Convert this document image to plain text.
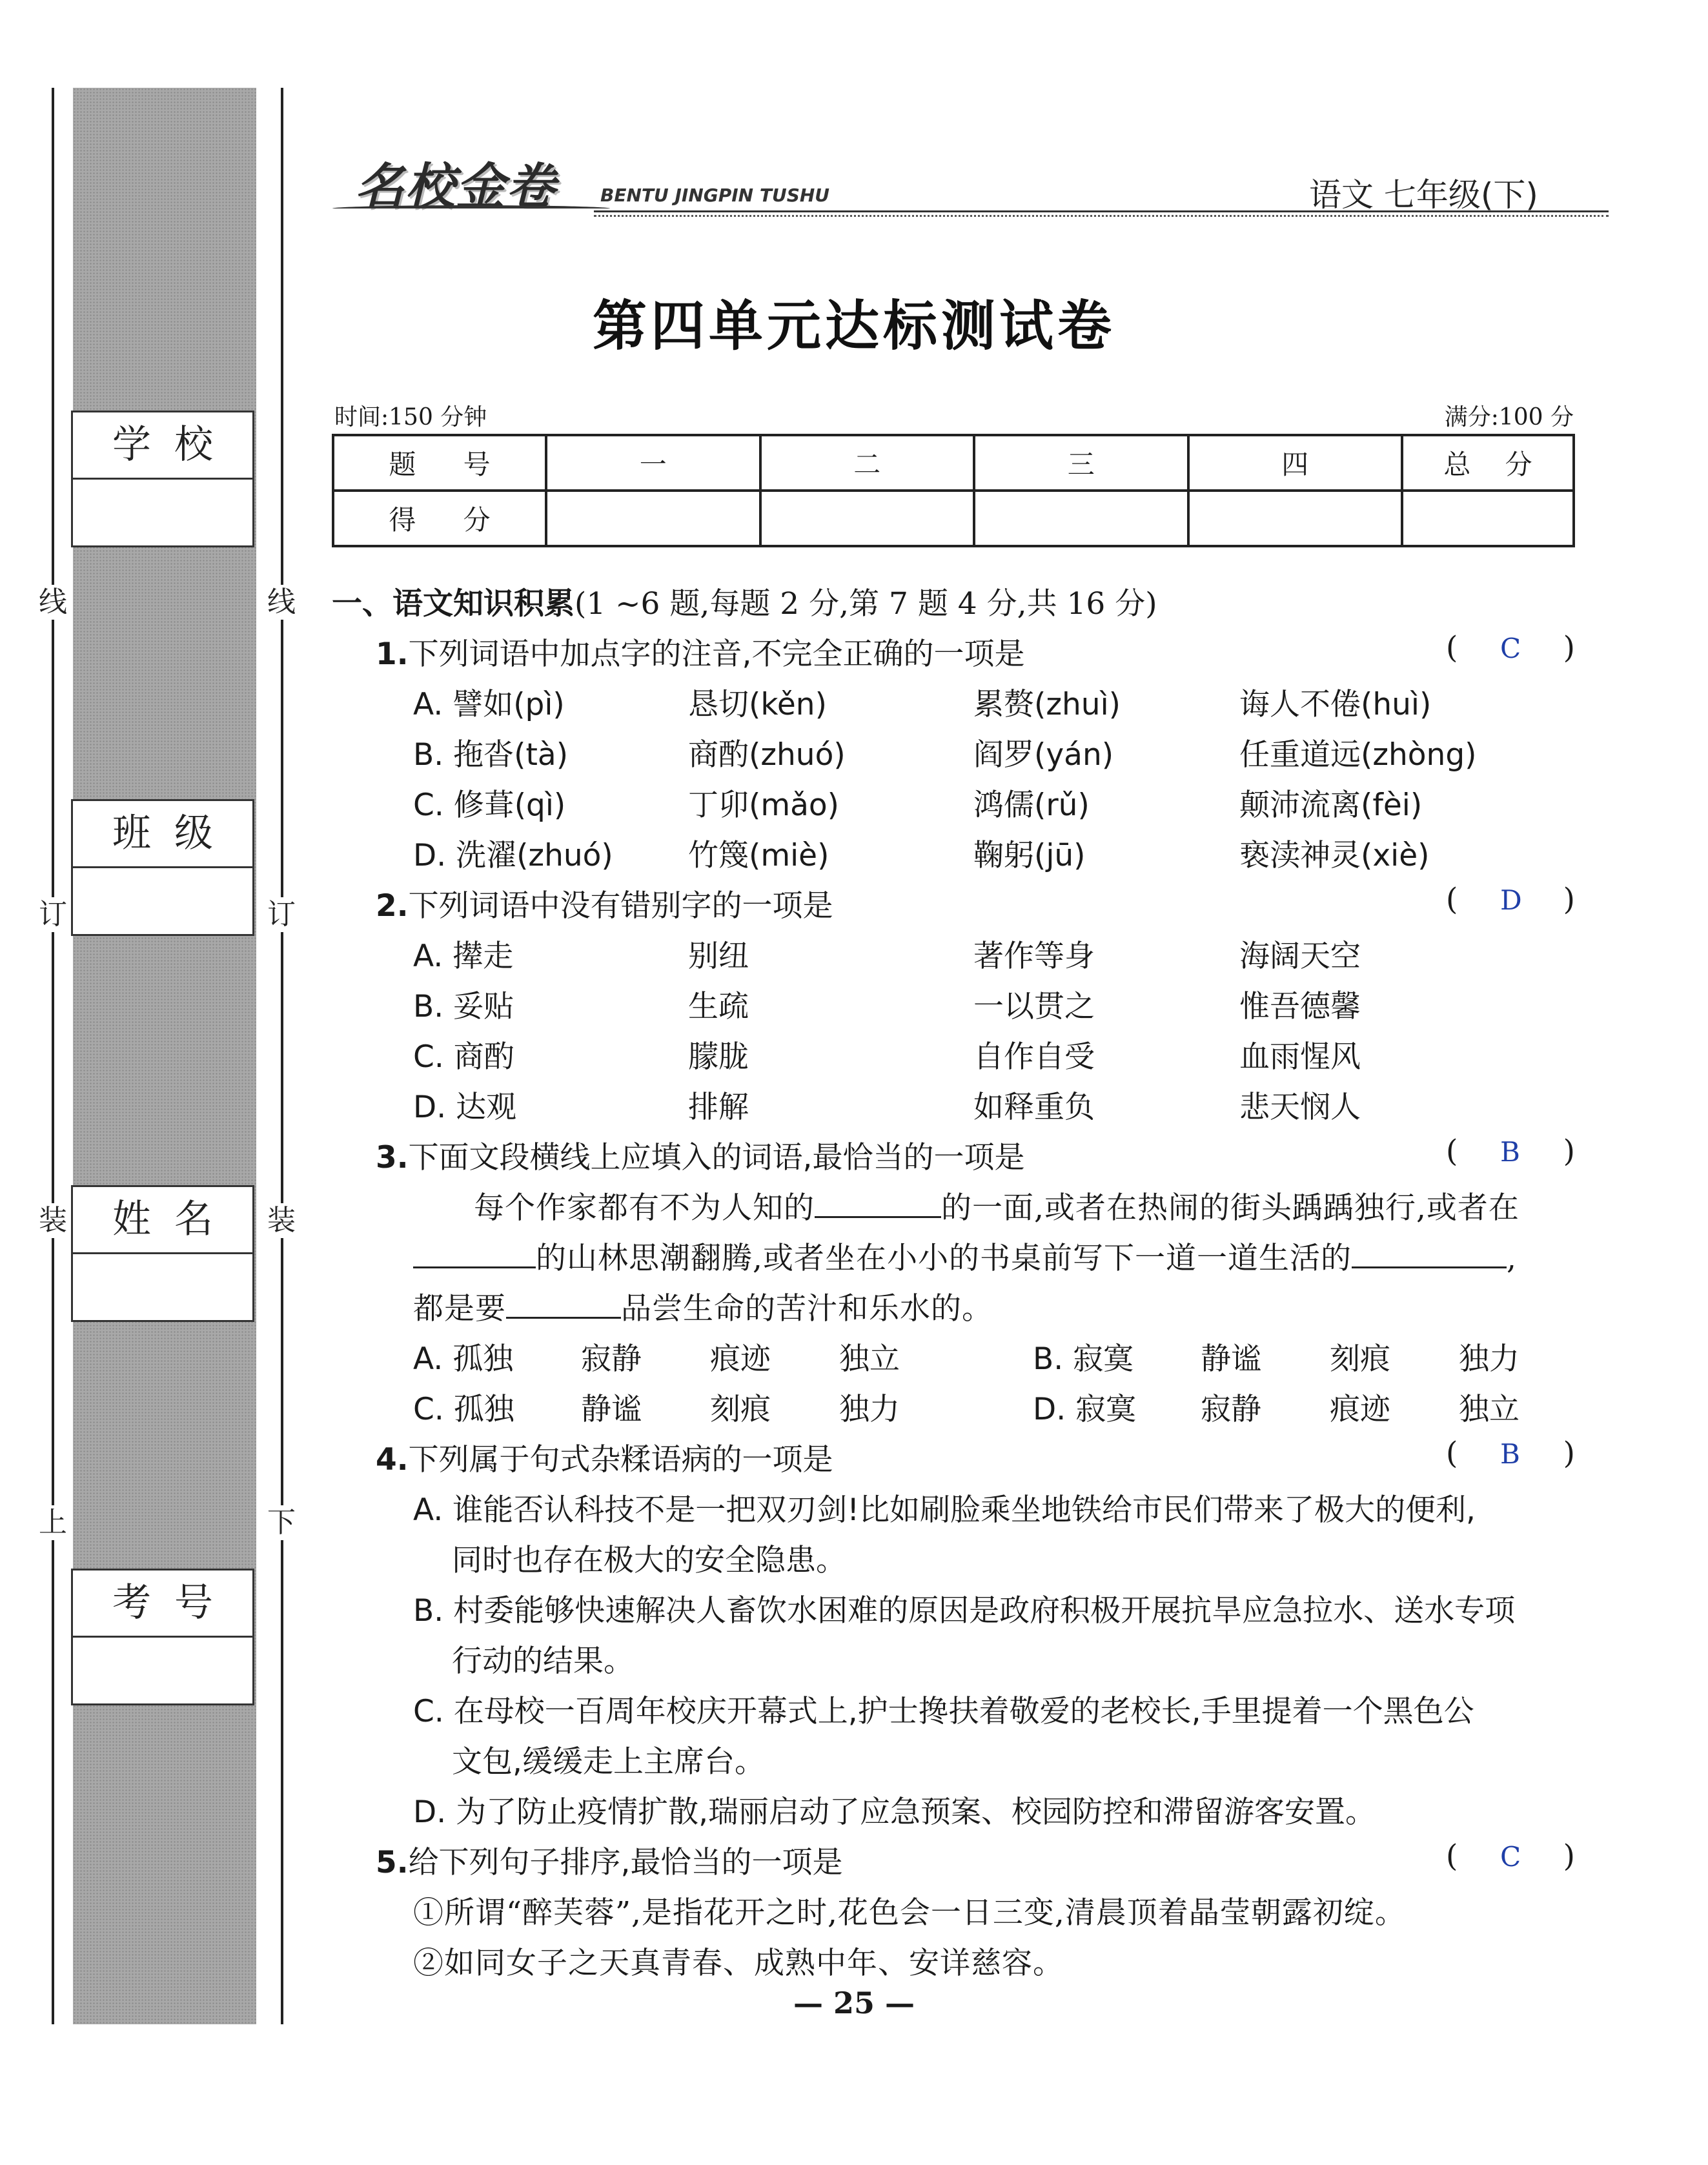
线	线
订	订
装	装
上	下
学校
班级
姓名
考号
名校金卷 BENTU JINGPIN TUSHU	语文 七年级(下)
第四单元达标测试卷
时间:150 分钟	满分:100 分
题 号	一	二	三	四	总 分
得 分					
一、语文知识积累(1 ~6 题,每题 2 分,第 7 题 4 分,共 16 分)
1.下列词语中加点字的注音,不完全正确的一项是	( C )
A. 譬如(pì)	恳切(kěn)	累赘(zhuì)	诲人不倦(huì)
B. 拖沓(tà)	商酌(zhuó)	阎罗(yán)	任重道远(zhòng)
C. 修葺(qì)	丁卯(mǎo)	鸿儒(rǔ)	颠沛流离(fèi)
D. 洗濯(zhuó) 竹篾(miè)	鞠躬(jū)	亵渎神灵(xiè)
2.下列词语中没有错别字的一项是	( D )
A. 撵走	别纽	著作等身	海阔天空
B. 妥贴	生疏	一以贯之	惟吾德馨
C. 商酌	朦胧	自作自受	血雨惺风
D. 达观	排解	如释重负	悲天悯人
3.下面文段横线上应填入的词语,最恰当的一项是	( B )
每个作家都有不为人知的	的一面,或者在热闹的街头踽踽独行,或者在
的山林思潮翻腾,或者坐在小小的书桌前写下一道一道生活的	,
都是要	品尝生命的苦汁和乐水的。
A. 孤独 寂静 痕迹 独立	B. 寂寞 静谧 刻痕 独力
C. 孤独 静谧 刻痕 独力	D. 寂寞 寂静 痕迹 独立
4.下列属于句式杂糅语病的一项是	( B )
A. 谁能否认科技不是一把双刃剑!比如刷脸乘坐地铁给市民们带来了极大的便利,
同时也存在极大的安全隐患。
B. 村委能够快速解决人畜饮水困难的原因是政府积极开展抗旱应急拉水、送水专项
行动的结果。
C. 在母校一百周年校庆开幕式上,护士搀扶着敬爱的老校长,手里提着一个黑色公
文包,缓缓走上主席台。
D. 为了防止疫情扩散,瑞丽启动了应急预案、校园防控和滞留游客安置。
5.给下列句子排序,最恰当的一项是	( C )
①所谓“醉芙蓉”,是指花开之时,花色会一日三变,清晨顶着晶莹朝露初绽。
②如同女子之天真青春、成熟中年、安详慈容。
— 25 —
